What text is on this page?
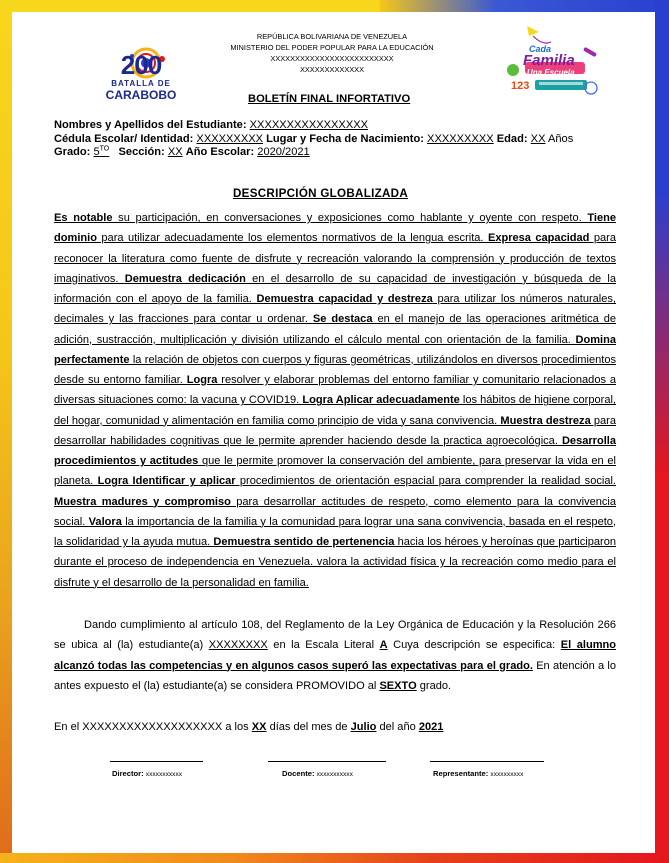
200
BATALLA DE
CARABOBO
Cada
Familia
Una Escuela
123
REPÚBLICA BOLIVARIANA DE VENEZUELA
MINISTERIO DEL PODER POPULAR PARA LA EDUCACIÓN
XXXXXXXXXXXXXXXXXXXXXXXXX
XXXXXXXXXXXXX
BOLETÍN FINAL INFORTATIVO
Nombres y Apellidos del Estudiante: XXXXXXXXXXXXXXXX
Cédula Escolar/ Identidad: XXXXXXXXX Lugar y Fecha de Nacimiento: XXXXXXXXX Edad: XX Años
Grado: $5^{TO}$ Sección: XX Año Escolar: 2020/2021
DESCRIPCIÓN GLOBALIZADA
Es notable su participación, en conversaciones y exposiciones como hablante y oyente con respeto. Tiene dominio para utilizar adecuadamente los elementos normativos de la lengua escrita. Expresa capacidad para reconocer la literatura como fuente de disfrute y recreación valorando la comprensión y producción de textos imaginativos. Demuestra dedicación en el desarrollo de su capacidad de investigación y búsqueda de la información con el apoyo de la familia. Demuestra capacidad y destreza para utilizar los números naturales, decimales y las fracciones para contar u ordenar. Se destaca en el manejo de las operaciones aritmética de adición, sustracción, multiplicación y división utilizando el cálculo mental con orientación de la familia. Domina perfectamente la relación de objetos con cuerpos y figuras geométricas, utilizándolos en diversos procedimientos desde su entorno familiar. Logra resolver y elaborar problemas del entorno familiar y comunitario relacionados a diversas situaciones como: la vacuna y COVID19. Logra Aplicar adecuadamente los hábitos de higiene corporal, del hogar, comunidad y alimentación en familia como principio de vida y sana convivencia. Muestra destreza para desarrollar habilidades cognitivas que le permite aprender haciendo desde la practica agroecológica. Desarrolla procedimientos y actitudes que le permite promover la conservación del ambiente, para preservar la vida en el planeta. Logra Identificar y aplicar procedimientos de orientación espacial para comprender la realidad social. Muestra madures y compromiso para desarrollar actitudes de respeto, como elemento para la convivencia social. Valora la importancia de la familia y la comunidad para lograr una sana convivencia, basada en el respeto, la solidaridad y la ayuda mutua. Demuestra sentido de pertenencia hacia los héroes y heroínas que participaron durante el proceso de independencia en Venezuela. valora la actividad física y la recreación como medio para el disfrute y el desarrollo de la personalidad en familia.
Dando cumplimiento al artículo 108, del Reglamento de la Ley Orgánica de Educación y la Resolución 266 se ubica al (la) estudiante(a) XXXXXXXX en la Escala Literal A Cuya descripción se especifica: El alumno alcanzó todas las competencias y en algunos casos superó las expectativas para el grado. En atención a lo antes expuesto el (la) estudiante(a) se considera PROMOVIDO al SEXTO grado.
En el XXXXXXXXXXXXXXXXXXX a los XX días del mes de Julio del año 2021
Director: xxxxxxxxxxx	Docente: xxxxxxxxxxx	Representante: xxxxxxxxxx
